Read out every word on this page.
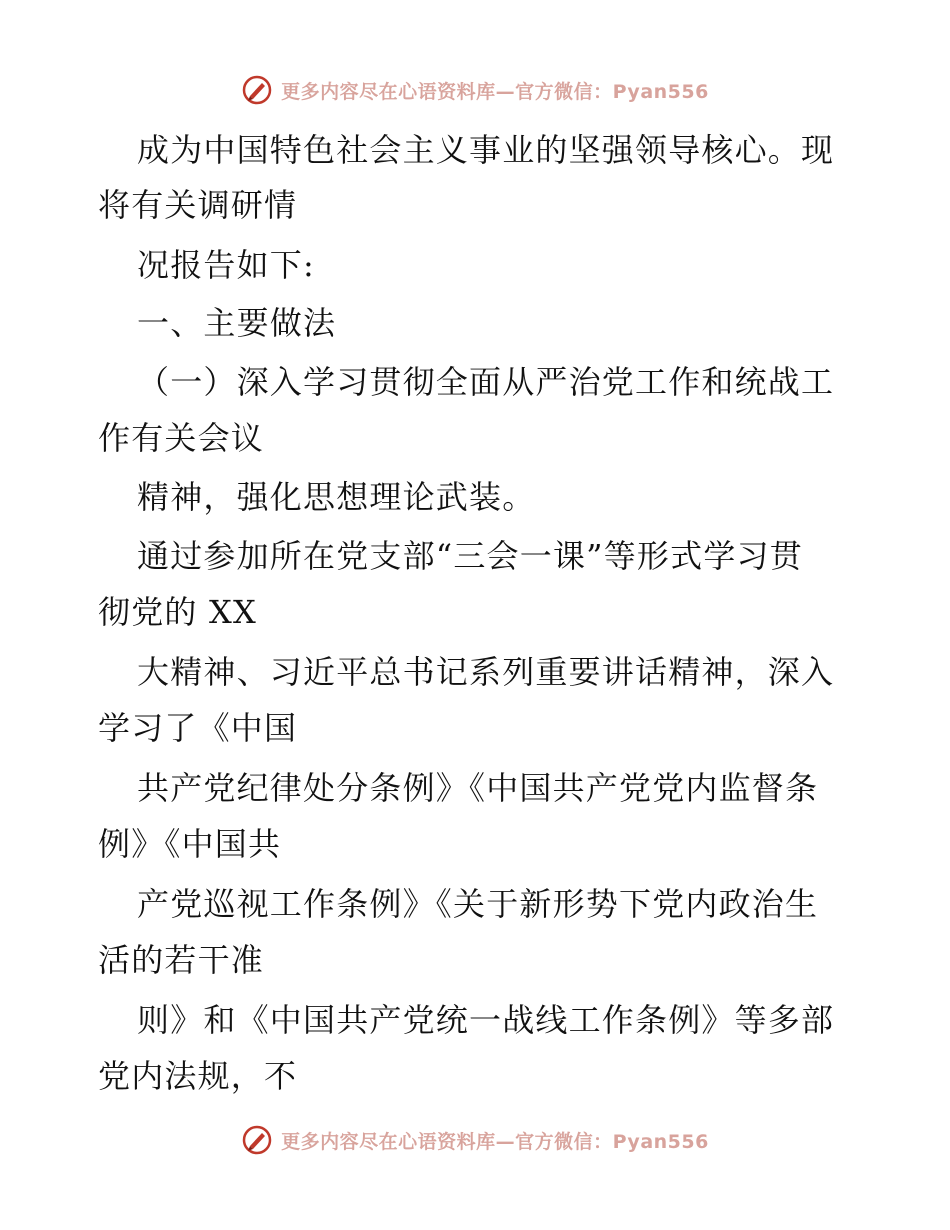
更多内容尽在心语资料库—官方微信：Pyan556
成为中国特色社会主义事业的坚强领导核心。现
将有关调研情
况报告如下:
一、主要做法
（一）深入学习贯彻全面从严治党工作和统战工
作有关会议
精神，强化思想理论武装。
通过参加所在党支部“三会一课”等形式学习贯
彻党的 XX
大精神、习近平总书记系列重要讲话精神，深入
学习了《中国
共产党纪律处分条例》《中国共产党党内监督条
例》《中国共
产党巡视工作条例》《关于新形势下党内政治生
活的若干准
则》和《中国共产党统一战线工作条例》等多部
党内法规，不
更多内容尽在心语资料库—官方微信：Pyan556
